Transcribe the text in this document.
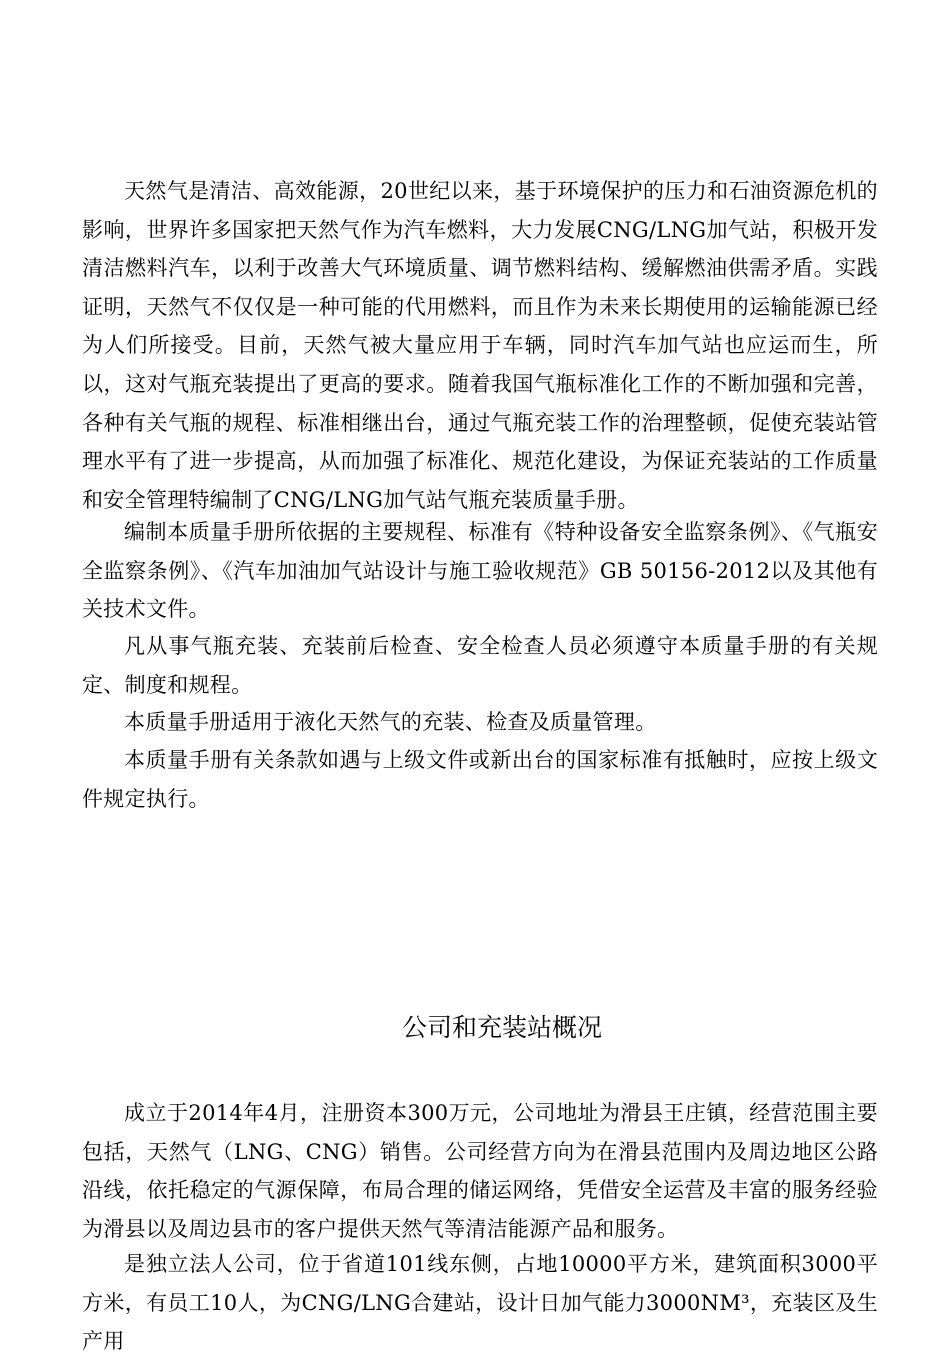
天然气是清洁、高效能源，20世纪以来，基于环境保护的压力和石油资源危机的影响，世界许多国家把天然气作为汽车燃料，大力发展CNG/LNG加气站，积极开发清洁燃料汽车，以利于改善大气环境质量、调节燃料结构、缓解燃油供需矛盾。实践证明，天然气不仅仅是一种可能的代用燃料，而且作为未来长期使用的运输能源已经为人们所接受。目前，天然气被大量应用于车辆，同时汽车加气站也应运而生，所以，这对气瓶充装提出了更高的要求。随着我国气瓶标准化工作的不断加强和完善，各种有关气瓶的规程、标准相继出台，通过气瓶充装工作的治理整顿，促使充装站管理水平有了进一步提高，从而加强了标准化、规范化建设，为保证充装站的工作质量和安全管理特编制了CNG/LNG加气站气瓶充装质量手册。

编制本质量手册所依据的主要规程、标准有《特种设备安全监察条例》、《气瓶安全监察条例》、《汽车加油加气站设计与施工验收规范》GB 50156-2012以及其他有关技术文件。

凡从事气瓶充装、充装前后检查、安全检查人员必须遵守本质量手册的有关规定、制度和规程。

本质量手册适用于液化天然气的充装、检查及质量管理。

本质量手册有关条款如遇与上级文件或新出台的国家标准有抵触时，应按上级文件规定执行。

公司和充装站概况

成立于2014年4月，注册资本300万元，公司地址为滑县王庄镇，经营范围主要包括，天然气（LNG、CNG）销售。公司经营方向为在滑县范围内及周边地区公路沿线，依托稳定的气源保障，布局合理的储运网络，凭借安全运营及丰富的服务经验为滑县以及周边县市的客户提供天然气等清洁能源产品和服务。

是独立法人公司，位于省道101线东侧，占地10000平方米，建筑面积3000平方米，有员工10人，为CNG/LNG合建站，设计日加气能力3000NM³，充装区及生产用
